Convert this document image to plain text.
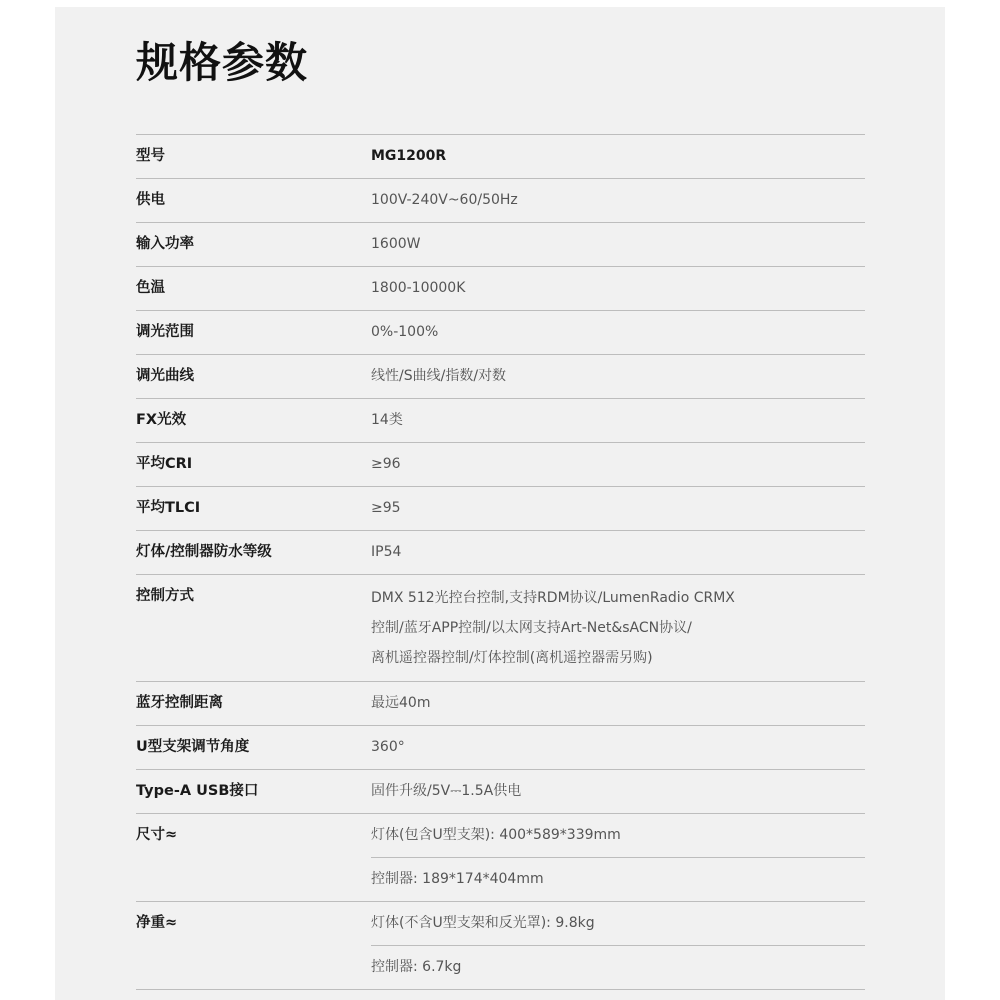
规格参数
型号	MG1200R
供电	100V-240V~60/50Hz
输入功率	1600W
色温	1800-10000K
调光范围	0%-100%
调光曲线	线性/S曲线/指数/对数
FX光效	14类
平均CRI	≥96
平均TLCI	≥95
灯体/控制器防水等级	IP54
控制方式	DMX 512光控台控制,支持RDM协议/LumenRadio CRMX
控制/蓝牙APP控制/以太网支持Art-Net&sACN协议/
离机遥控器控制/灯体控制(离机遥控器需另购)
蓝牙控制距离	最远40m
U型支架调节角度	360°
Type-A USB接口	固件升级/5V⎓1.5A供电
尺寸≈	灯体(包含U型支架): 400*589*339mm
控制器: 189*174*404mm
净重≈	灯体(不含U型支架和反光罩): 9.8kg
控制器: 6.7kg
